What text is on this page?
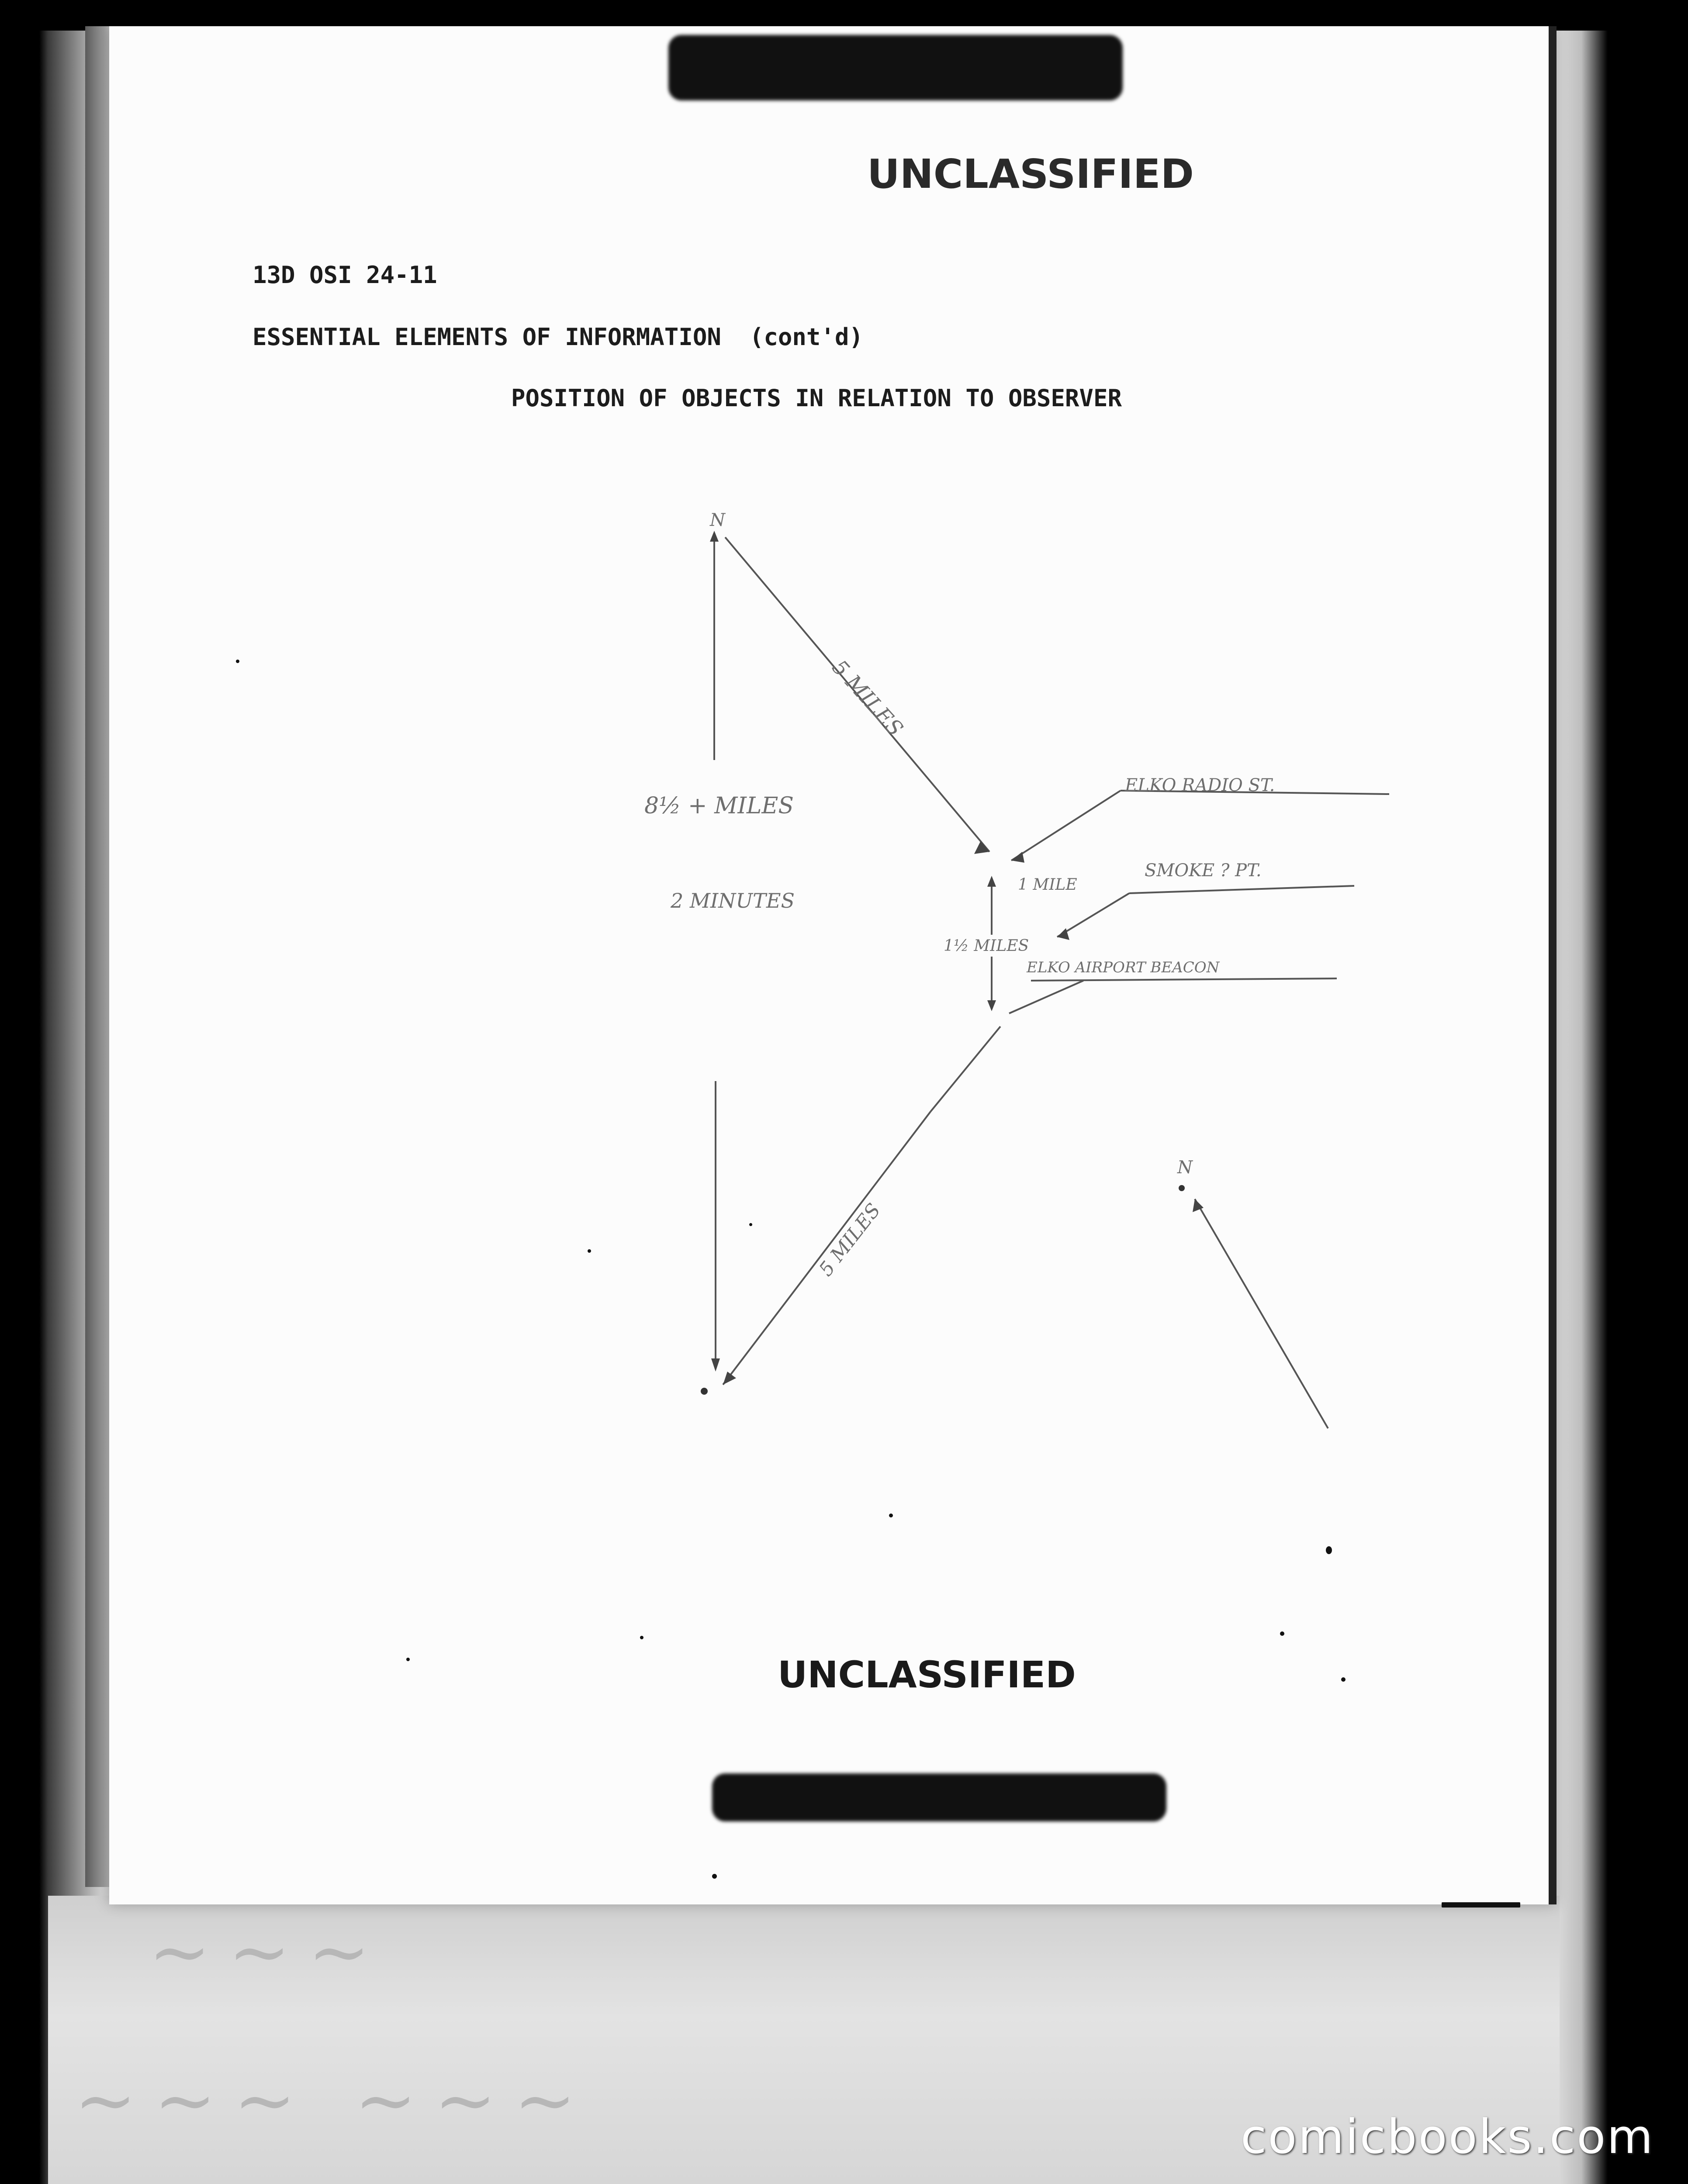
~~~
~~~ ~~~

UNCLASSIFIED

13D OSI 24-11

ESSENTIAL ELEMENTS OF INFORMATION  (cont'd)

POSITION OF OBJECTS IN RELATION TO OBSERVER

N

5 MILES

8½ + MILES

2 MINUTES

ELKO RADIO ST.

1 MILE

SMOKE ? PT.

1½ MILES

ELKO AIRPORT BEACON

5 MILES

N

UNCLASSIFIED

comicbooks.com
